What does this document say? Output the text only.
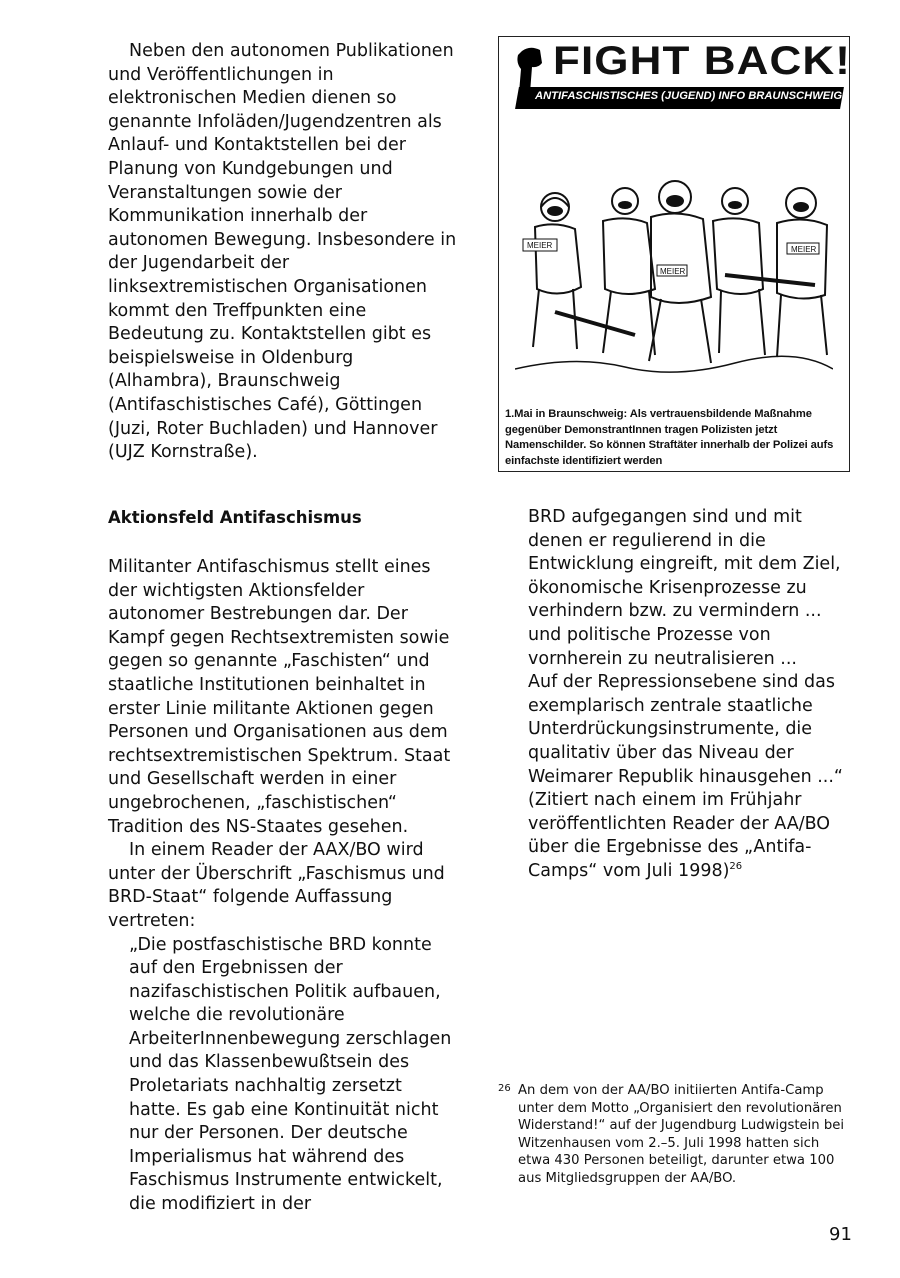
Neben den autonomen Publikationen und Veröffentlichungen in elektronischen Medien dienen so genannte Infoläden/Jugendzentren als Anlauf- und Kontaktstellen bei der Planung von Kundgebungen und Veranstaltungen sowie der Kommunikation innerhalb der autonomen Bewegung. Insbesondere in der Jugendarbeit der linksextremistischen Organisationen kommt den Treffpunkten eine Bedeutung zu. Kontaktstellen gibt es beispielsweise in Oldenburg (Alhambra), Braunschweig (Antifaschistisches Café), Göttingen (Juzi, Roter Buchladen) und Hannover (UJZ Kornstraße).

FIGHT BACK!
ANTIFASCHISTISCHES (JUGEND) INFO BRAUNSCHWEIG
MEIER
MEIER
MEIER
1.Mai in Braunschweig: Als vertrauensbildende Maßnahme gegenüber DemonstrantInnen tragen Polizisten jetzt Namenschilder. So können Straftäter innerhalb der Polizei aufs einfachste identifiziert werden
Aktionsfeld Antifaschismus

Militanter Antifaschismus stellt eines der wichtigsten Aktionsfelder autonomer Bestrebungen dar. Der Kampf gegen Rechtsextremisten sowie gegen so genannte „Faschisten“ und staatliche Institutionen beinhaltet in erster Linie militante Aktionen gegen Personen und Organisationen aus dem rechtsextremistischen Spektrum. Staat und Gesellschaft werden in einer ungebrochenen, „faschistischen“ Tradition des NS-Staates gesehen.

In einem Reader der AAX/BO wird unter der Überschrift „Faschismus und BRD-Staat“ folgende Auffassung vertreten:

„Die postfaschistische BRD konnte auf den Ergebnissen der nazifaschistischen Politik aufbauen, welche die revolutionäre ArbeiterInnenbewegung zerschlagen und das Klassenbewußtsein des Proletariats nachhaltig zersetzt hatte. Es gab eine Kontinuität nicht nur der Personen. Der deutsche Imperialismus hat während des Faschismus Instrumente entwickelt, die modifiziert in der

BRD aufgegangen sind und mit denen er regulierend in die Entwicklung eingreift, mit dem Ziel, ökonomische Krisenprozesse zu verhindern bzw. zu vermindern ... und politische Prozesse von vornherein zu neutralisieren ...

Auf der Repressionsebene sind das exemplarisch zentrale staatliche Unterdrückungsinstrumente, die qualitativ über das Niveau der Weimarer Republik hinausgehen ...“

(Zitiert nach einem im Frühjahr veröffentlichten Reader der AA/BO über die Ergebnisse des „Antifa-Camps“ vom Juli 1998)$^{26}$

26 An dem von der AA/BO initiierten Antifa-Camp unter dem Motto „Organisiert den revolutionären Widerstand!“ auf der Jugendburg Ludwigstein bei Witzenhausen vom 2.–5. Juli 1998 hatten sich etwa 430 Personen beteiligt, darunter etwa 100 aus Mitgliedsgruppen der AA/BO.
91
